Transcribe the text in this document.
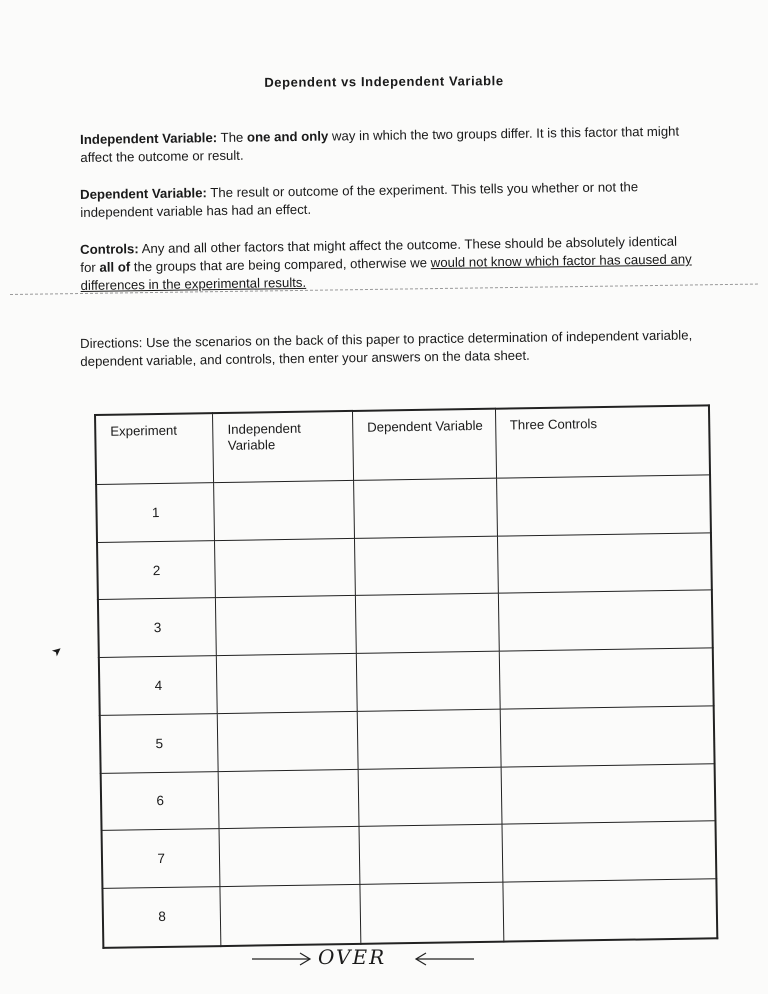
Dependent vs Independent Variable
Independent Variable: The one and only way in which the two groups differ. It is this factor that might affect the outcome or result.
Dependent Variable: The result or outcome of the experiment. This tells you whether or not the independent variable has had an effect.
Controls: Any and all other factors that might affect the outcome. These should be absolutely identical for all of the groups that are being compared, otherwise we would not know which factor has caused any differences in the experimental results.
Directions: Use the scenarios on the back of this paper to practice determination of independent variable, dependent variable, and controls, then enter your answers on the data sheet.
Experiment	Independent Variable	Dependent Variable	Three Controls
1			
2			
3			
4			
5			
6			
7			
8			
OVER
➤
